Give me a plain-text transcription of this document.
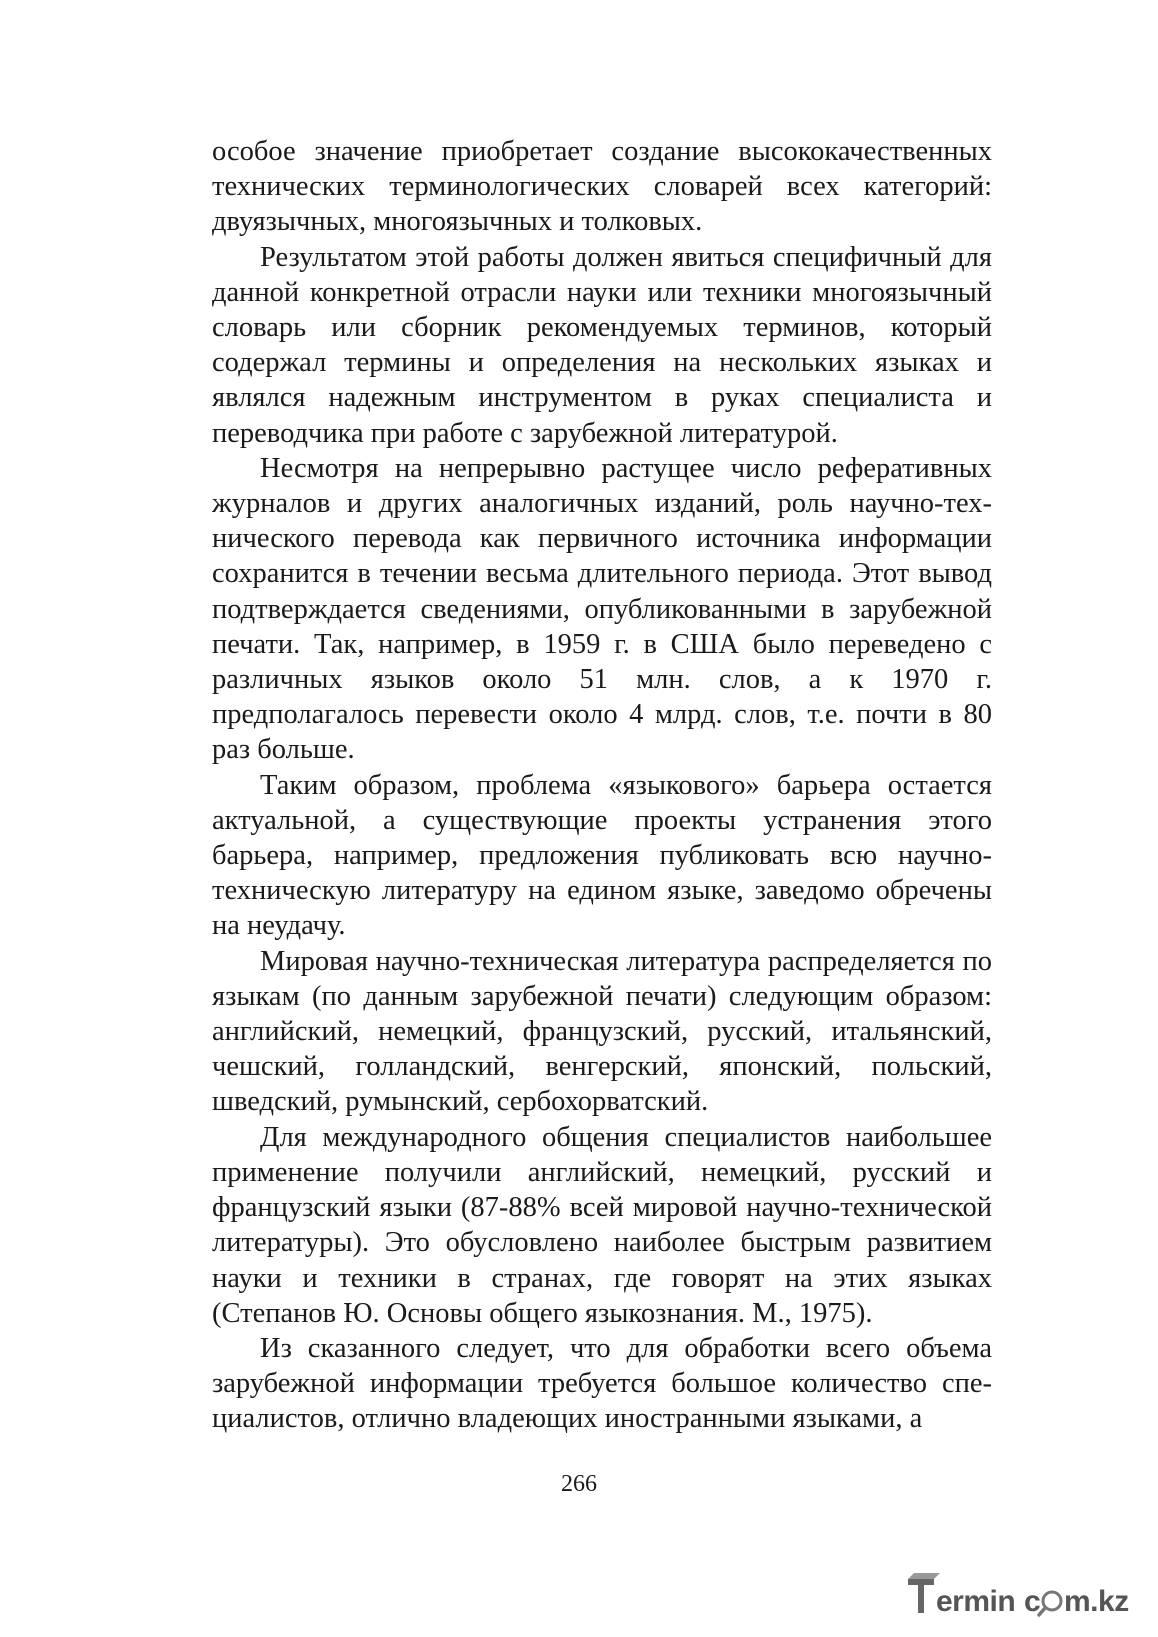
особое значение приобретает создание высококачественных технических терминологических словарей всех категорий: двуязычных, многоязычных и толковых.

Результатом этой работы должен явиться специфичный для данной конкретной отрасли науки или техники многоязычный словарь или сборник рекомендуемых терминов, который содержал термины и определения на нескольких языках и являлся надежным инструментом в руках специалиста и переводчика при работе с зарубежной литературой.

Несмотря на непрерывно растущее число реферативных журналов и других аналогичных изданий, роль научно-технического перевода как первичного источника информации сохранится в течении весьма длительного периода. Этот вывод подтверждается сведениями, опубликованными в зарубежной печати. Так, например, в 1959 г. в США было переведено с различных языков около 51 млн. слов, а к 1970 г. предполагалось перевести около 4 млрд. слов, т.е. почти в 80 раз больше.

Таким образом, проблема «языкового» барьера остается актуальной, а существующие проекты устранения этого барьера, например, предложения публиковать всю научно-техническую литературу на едином языке, заведомо обречены на неудачу.

Мировая научно-техническая литература распределяется по языкам (по данным зарубежной печати) следующим образом: английский, немецкий, французский, русский, итальянский, чешский, голландский, венгерский, японский, польский, шведский, румынский, сербохорватский.

Для международного общения специалистов наибольшее применение получили английский, немецкий, русский и французский языки (87-88% всей мировой научно-технической литературы). Это обусловлено наиболее быстрым развитием науки и техники в странах, где говорят на этих языках (Степанов Ю. Основы общего языкознания. М., 1975).

Из сказанного следует, что для обработки всего объема зарубежной информации требуется большое количество специалистов, отлично владеющих иностранными языками, а

266
ermin c m.kz
